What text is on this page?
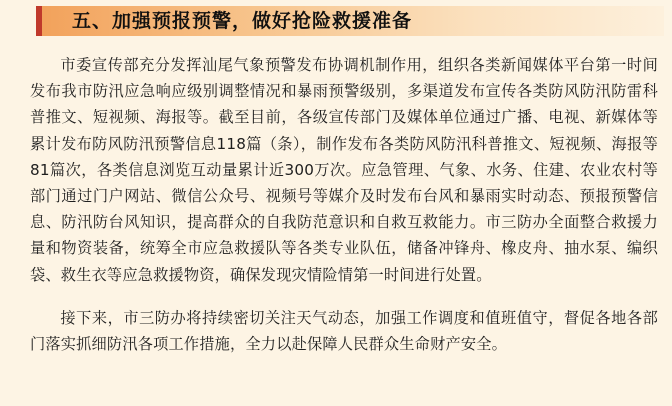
五、加强预报预警，做好抢险救援准备

市委宣传部充分发挥汕尾气象预警发布协调机制作用，组织各类新闻媒体平台第一时间发布我市防汛应急响应级别调整情况和暴雨预警级别，多渠道发布宣传各类防风防汛防雷科普推文、短视频、海报等。截至目前，各级宣传部门及媒体单位通过广播、电视、新媒体等累计发布防风防汛预警信息118篇（条），制作发布各类防风防汛科普推文、短视频、海报等81篇次，各类信息浏览互动量累计近300万次。应急管理、气象、水务、住建、农业农村等部门通过门户网站、微信公众号、视频号等媒介及时发布台风和暴雨实时动态、预报预警信息、防汛防台风知识，提高群众的自我防范意识和自救互救能力。市三防办全面整合救援力量和物资装备，统筹全市应急救援队等各类专业队伍，储备冲锋舟、橡皮舟、抽水泵、编织袋、救生衣等应急救援物资，确保发现灾情险情第一时间进行处置。

接下来，市三防办将持续密切关注天气动态，加强工作调度和值班值守，督促各地各部门落实抓细防汛各项工作措施，全力以赴保障人民群众生命财产安全。
